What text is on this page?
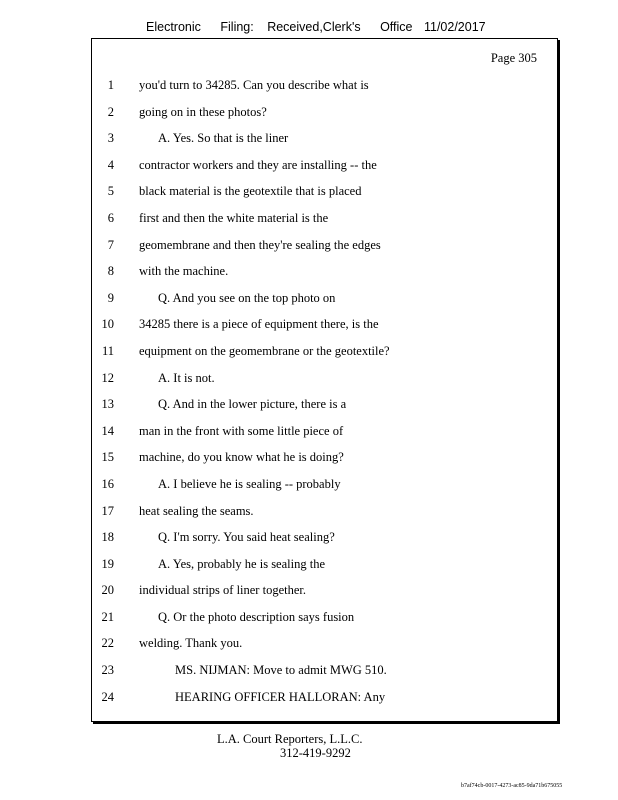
Electronic Filing: Received,Clerk's Office 11/02/2017
Page 305
1 you'd turn to 34285. Can you describe what is
2 going on in these photos?
3	A. Yes. So that is the liner
4 contractor workers and they are installing -- the
5 black material is the geotextile that is placed
6 first and then the white material is the
7 geomembrane and then they're sealing the edges
8 with the machine.
9	Q. And you see on the top photo on
10 34285 there is a piece of equipment there, is the
11 equipment on the geomembrane or the geotextile?
12	A. It is not.
13	Q. And in the lower picture, there is a
14 man in the front with some little piece of
15 machine, do you know what he is doing?
16	A. I believe he is sealing -- probably
17 heat sealing the seams.
18	Q. I'm sorry. You said heat sealing?
19	A. Yes, probably he is sealing the
20 individual strips of liner together.
21	Q. Or the photo description says fusion
22 welding. Thank you.
23	MS. NIJMAN: Move to admit MWG 510.
24	HEARING OFFICER HALLORAN: Any
L.A. Court Reporters, L.L.C.
312-419-9292
b7af74cb-0017-4273-ac85-9da71b675055
